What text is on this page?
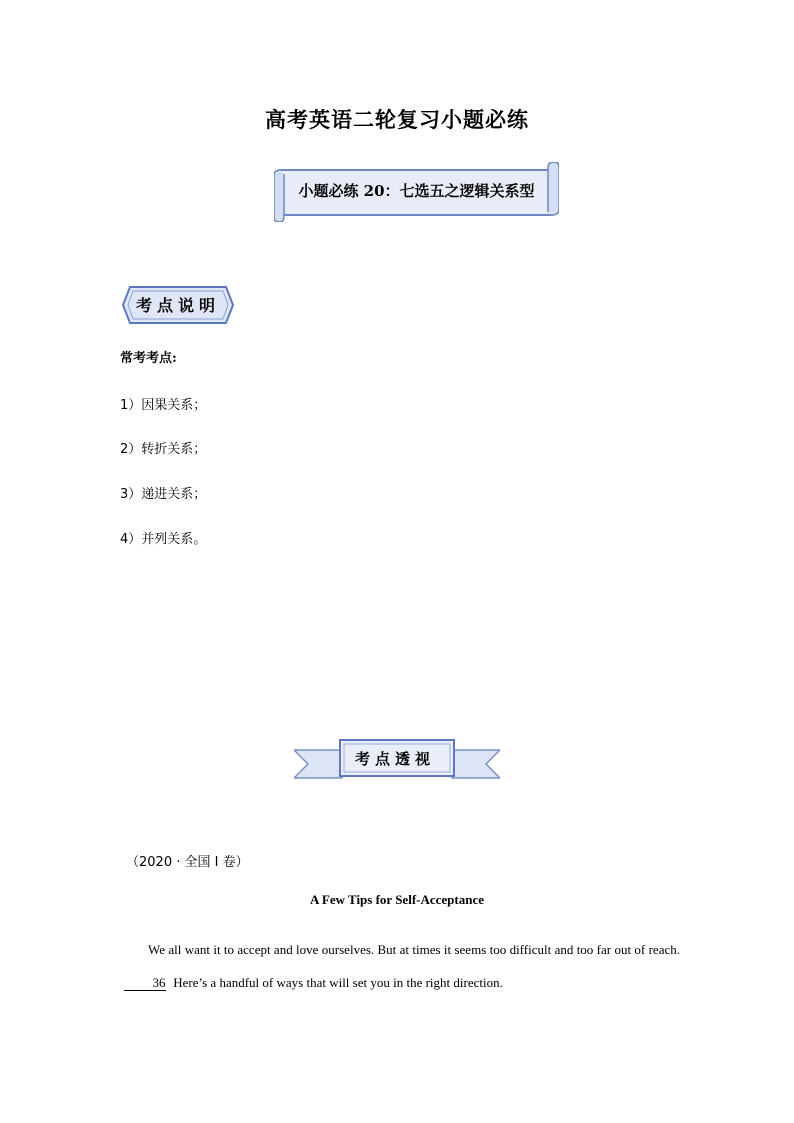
高考英语二轮复习小题必练
小题必练 20：七选五之逻辑关系型
考点说明
常考考点:
1）因果关系；
2）转折关系；
3）递进关系；
4）并列关系。
考点透视
（2020 · 全国 I 卷）
A Few Tips for Self-Acceptance
We all want it to accept and love ourselves. But at times it seems too difficult and too far out of reach. 36 Here’s a handful of ways that will set you in the right direction.
